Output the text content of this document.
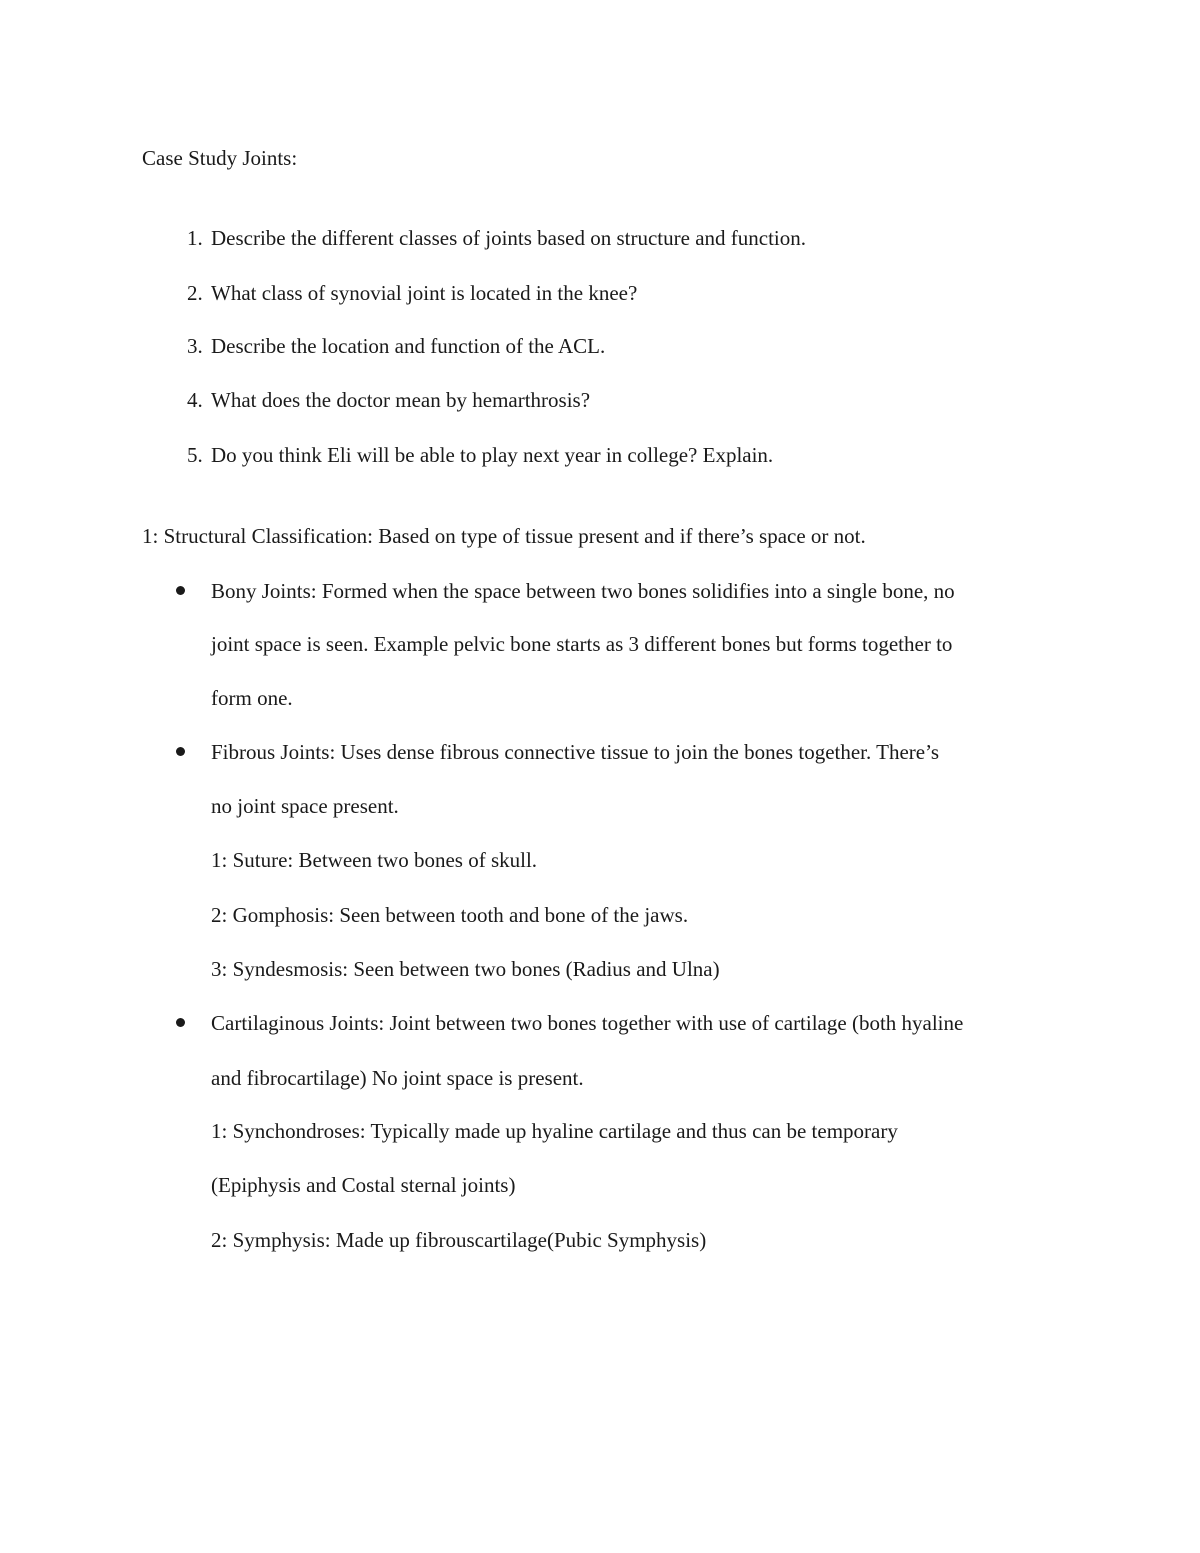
Case Study Joints:
1. Describe the different classes of joints based on structure and function.
2. What class of synovial joint is located in the knee?
3. Describe the location and function of the ACL.
4. What does the doctor mean by hemarthrosis?
5. Do you think Eli will be able to play next year in college? Explain.
1: Structural Classification: Based on type of tissue present and if there’s space or not.
Bony Joints: Formed when the space between two bones solidifies into a single bone, no
joint space is seen. Example pelvic bone starts as 3 different bones but forms together to
form one.
Fibrous Joints: Uses dense fibrous connective tissue to join the bones together. There’s
no joint space present.
1: Suture: Between two bones of skull.
2: Gomphosis: Seen between tooth and bone of the jaws.
3: Syndesmosis: Seen between two bones (Radius and Ulna)
Cartilaginous Joints: Joint between two bones together with use of cartilage (both hyaline
and fibrocartilage) No joint space is present.
1: Synchondroses: Typically made up hyaline cartilage and thus can be temporary
(Epiphysis and Costal sternal joints)
2: Symphysis: Made up fibrouscartilage(Pubic Symphysis)
